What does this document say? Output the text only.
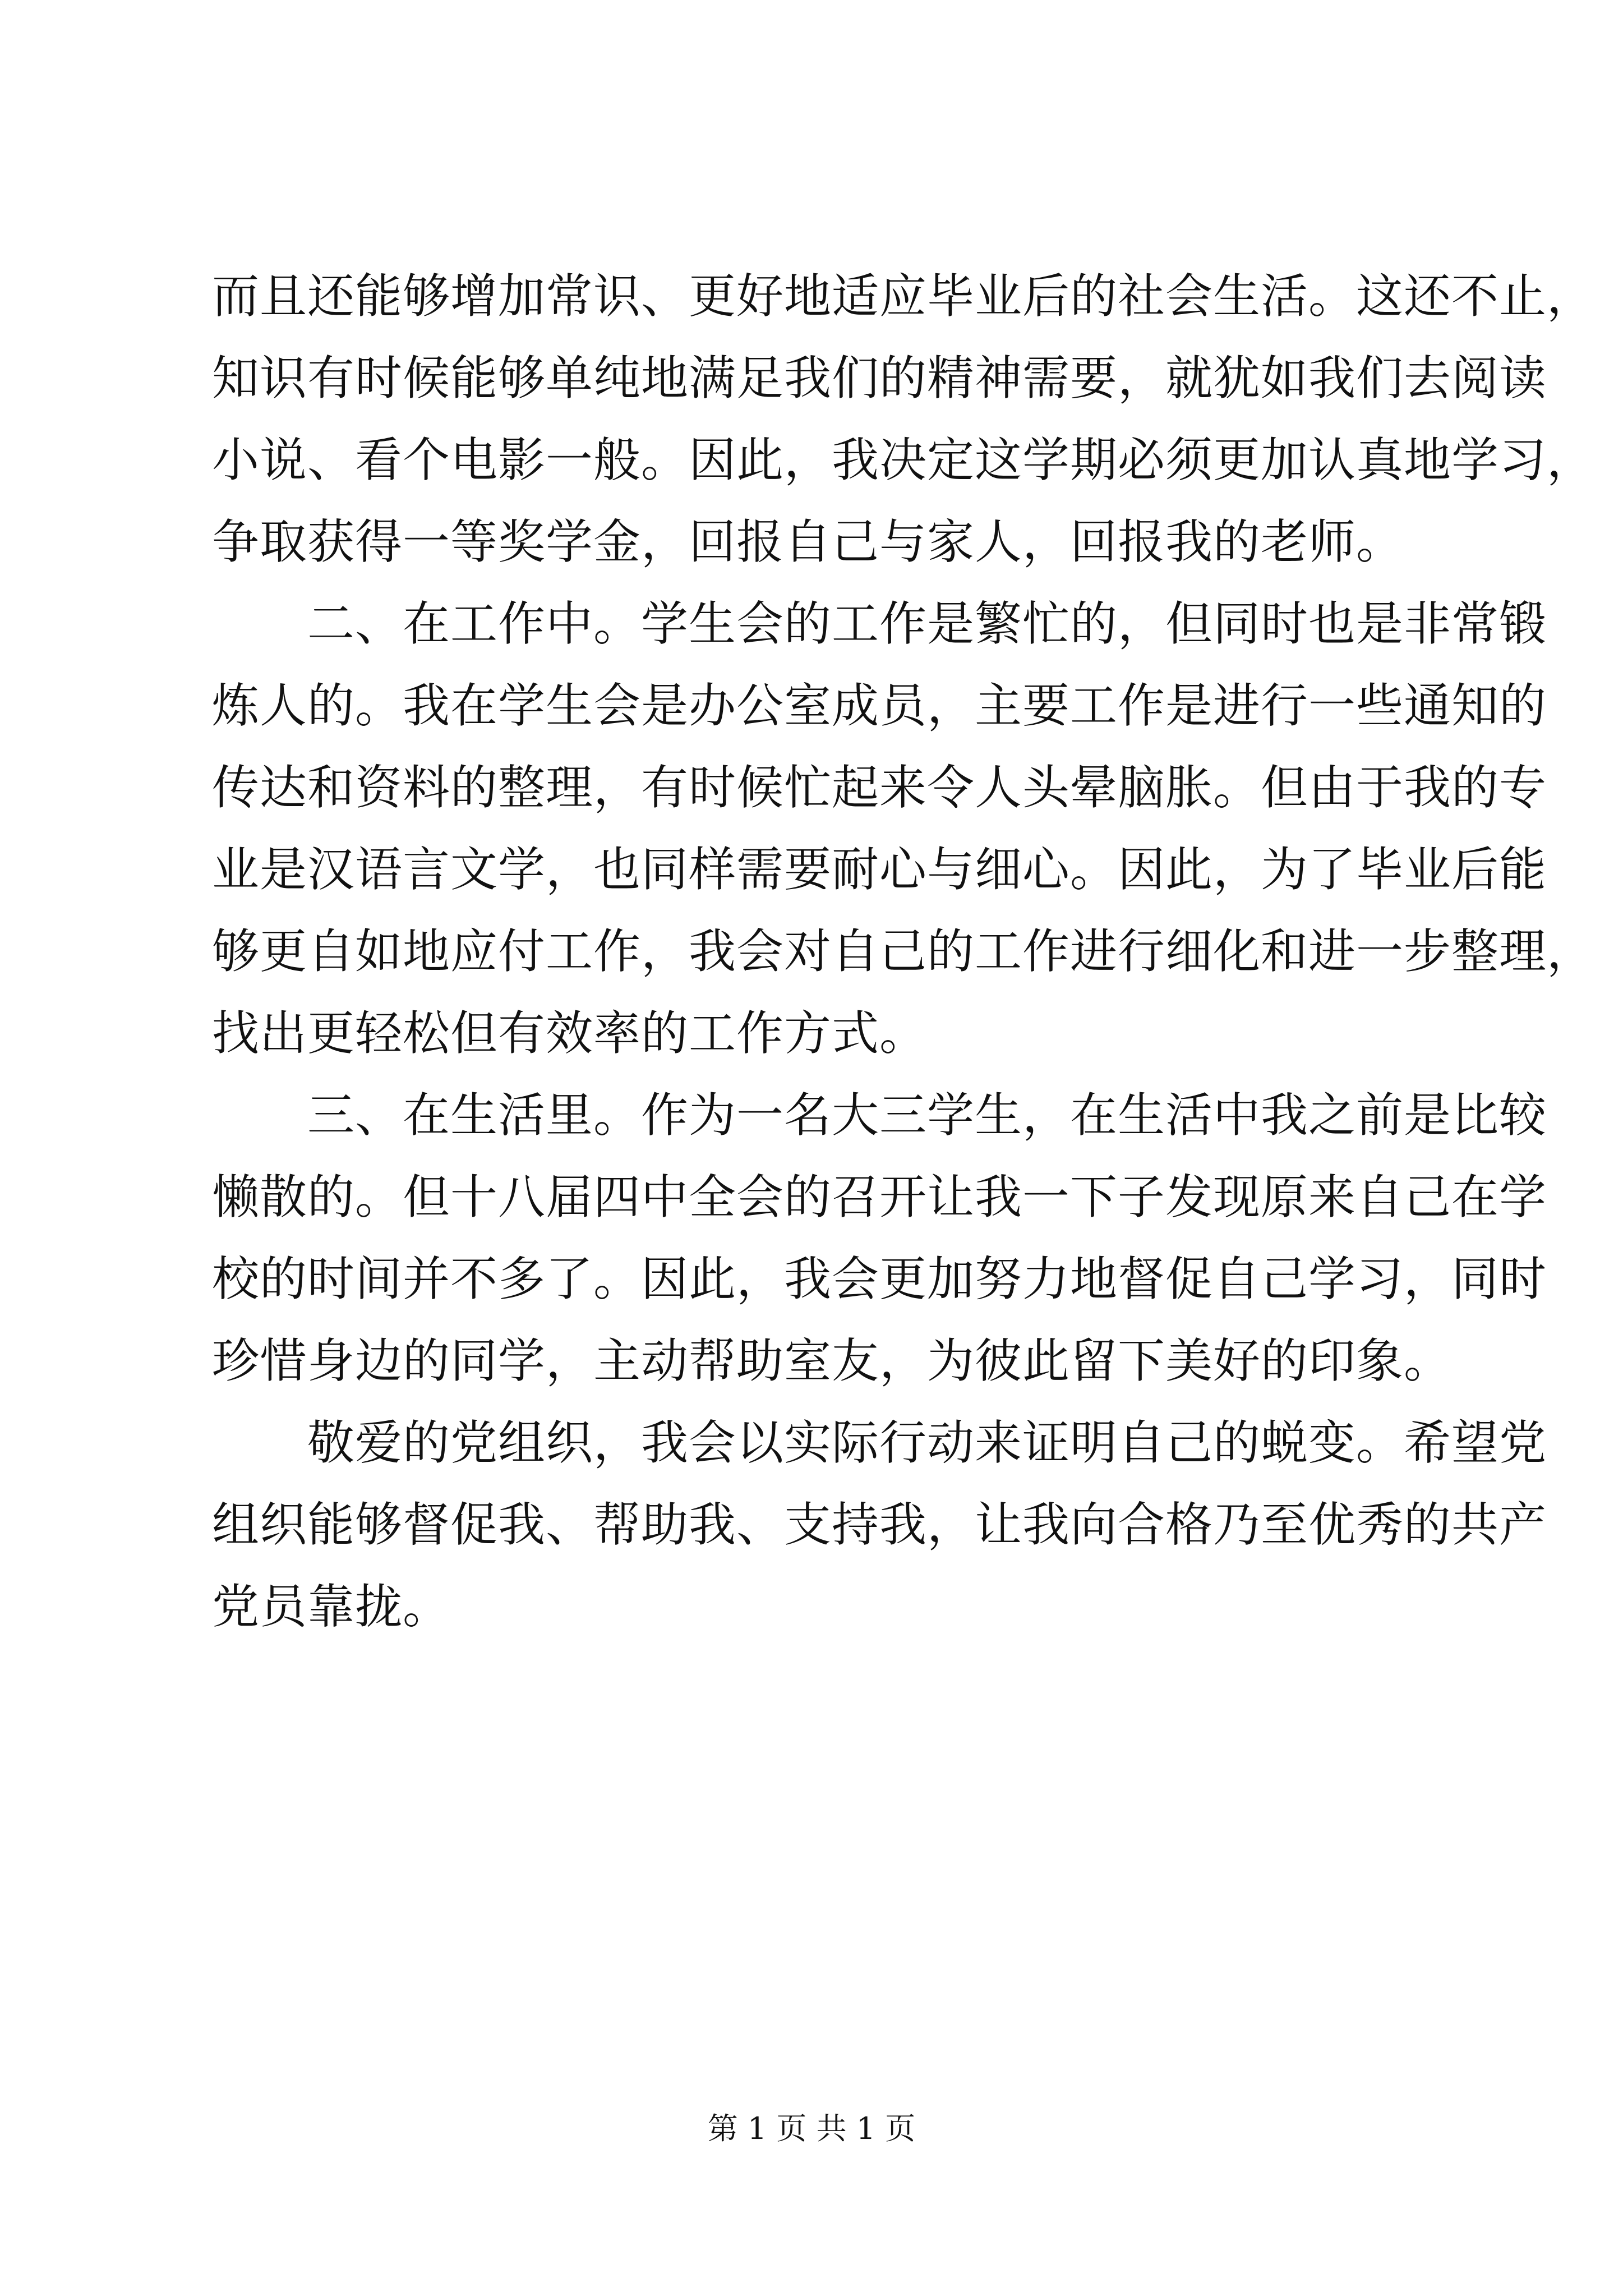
而且还能够增加常识、更好地适应毕业后的社会生活。这还不止，
知识有时候能够单纯地满足我们的精神需要，就犹如我们去阅读
小说、看个电影一般。因此，我决定这学期必须更加认真地学习，
争取获得一等奖学金，回报自己与家人，回报我的老师。
　　二、在工作中。学生会的工作是繁忙的，但同时也是非常锻
炼人的。我在学生会是办公室成员，主要工作是进行一些通知的
传达和资料的整理，有时候忙起来令人头晕脑胀。但由于我的专
业是汉语言文学，也同样需要耐心与细心。因此，为了毕业后能
够更自如地应付工作，我会对自己的工作进行细化和进一步整理，
找出更轻松但有效率的工作方式。
　　三、在生活里。作为一名大三学生，在生活中我之前是比较
懒散的。但十八届四中全会的召开让我一下子发现原来自己在学
校的时间并不多了。因此，我会更加努力地督促自己学习，同时
珍惜身边的同学，主动帮助室友，为彼此留下美好的印象。
　　敬爱的党组织，我会以实际行动来证明自己的蜕变。希望党
组织能够督促我、帮助我、支持我，让我向合格乃至优秀的共产
党员靠拢。
第 1 页 共 1 页
